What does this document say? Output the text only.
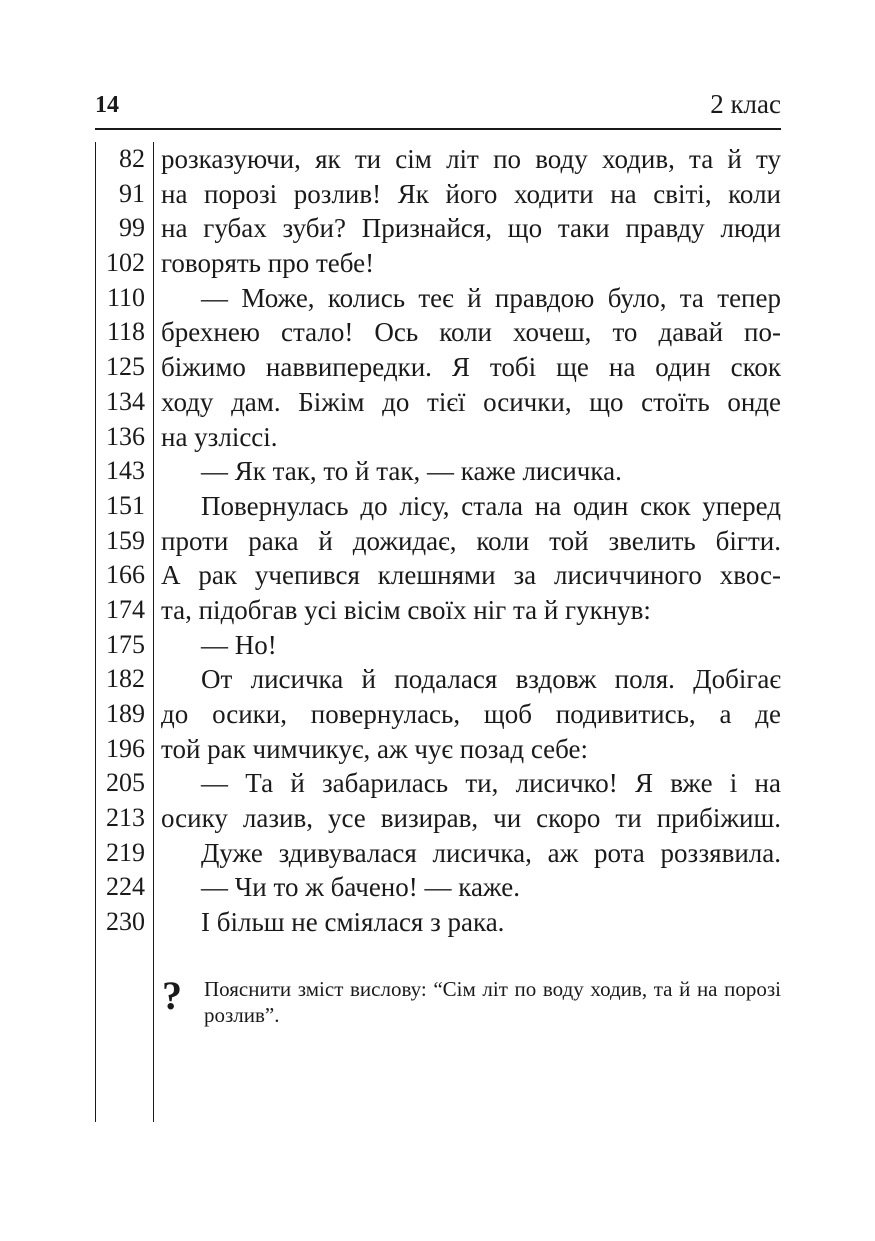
14	2 клас
82 розказуючи, як ти сім літ по воду ходив, та й ту
91 на порозі розлив! Як його ходити на світі, коли
99 на губах зуби? Признайся, що таки правду люди
102 говорять про тебе!
110	— Може, колись теє й правдою було, та тепер
118 брехнею стало! Ось коли хочеш, то давай по-
125 біжимо наввипередки. Я тобі ще на один скок
134 ходу дам. Біжім до тієї осички, що стоїть онде
136 на узліссі.
143	— Як так, то й так, — каже лисичка.
151	Повернулась до лісу, стала на один скок уперед
159 проти рака й дожидає, коли той звелить бігти.
166 А рак учепився клешнями за лисиччиного хвос-
174 та, підобгав усі вісім своїх ніг та й гукнув:
175	— Но!
182	От лисичка й подалася вздовж поля. Добігає
189 до осики, повернулась, щоб подивитись, а де
196 той рак чимчикує, аж чує позад себе:
205	— Та й забарилась ти, лисичко! Я вже і на
213 осику лазив, усе визирав, чи скоро ти прибіжиш.
219	Дуже здивувалася лисичка, аж рота роззявила.
224	— Чи то ж бачено! — каже.
230	І більш не сміялася з рака.
? Пояснити зміст вислову: “Сім літ по воду ходив, та й на порозі розлив”.
